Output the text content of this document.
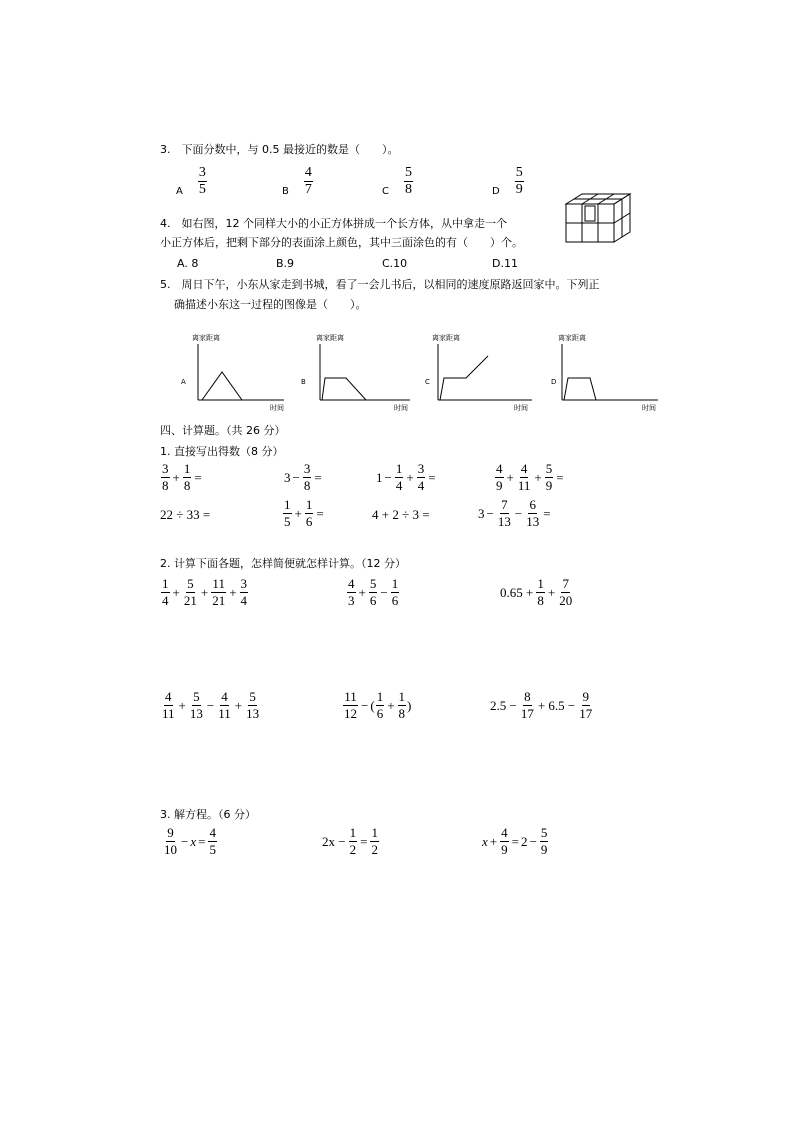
3.　下面分数中，与 0.5 最接近的数是（　　）。
A $\frac{3}{5}$	B $\frac{4}{7}$	C $\frac{5}{8}$	D $\frac{5}{9}$
4.　如右图，12 个同样大小的小正方体拼成一个长方体，从中拿走一个
小正方体后，把剩下部分的表面涂上颜色，其中三面涂色的有（　　）个。
A. 8	B.9	C.10	D.11
5.　周日下午，小东从家走到书城，看了一会儿书后，以相同的速度原路返回家中。下列正
确描述小东这一过程的图像是（　　）。
离家距离
A
时间
离家距离
B
时间
离家距离
C
时间
离家距离
D
时间
四、计算题。（共 26 分）
1. 直接写出得数（8 分）
$\frac{3}{8} + \frac{1}{8}$ =	$3 - \frac{3}{8}$ =	$1 - \frac{1}{4} + \frac{3}{4}$ =	$\frac{4}{9} + \frac{4}{11} + \frac{5}{9}$ =
22 ÷ 33 =	$\frac{1}{5} + \frac{1}{6}$ =	4 + 2 ÷ 3 =	$3 - \frac{7}{13} - \frac{6}{13}$ =
2. 计算下面各题，怎样简便就怎样计算。（12 分）
$\frac{1}{4} + \frac{5}{21} + \frac{11}{21} + \frac{3}{4}$	$\frac{4}{3} + \frac{5}{6} - \frac{1}{6}$	$0.65 + \frac{1}{8} + \frac{7}{20}$
$\frac{4}{11} + \frac{5}{13} - \frac{4}{11} + \frac{5}{13}$	$\frac{11}{12}$ − ( $\frac{1}{6} + \frac{1}{8}$ )	$2.5 - \frac{8}{17} + 6.5 - \frac{9}{17}$
3. 解方程。（6 分）
$\frac{9}{10} - x = \frac{4}{5}$	$2x - \frac{1}{2} = \frac{1}{2}$	$x + \frac{4}{9} = 2 - \frac{5}{9}$
